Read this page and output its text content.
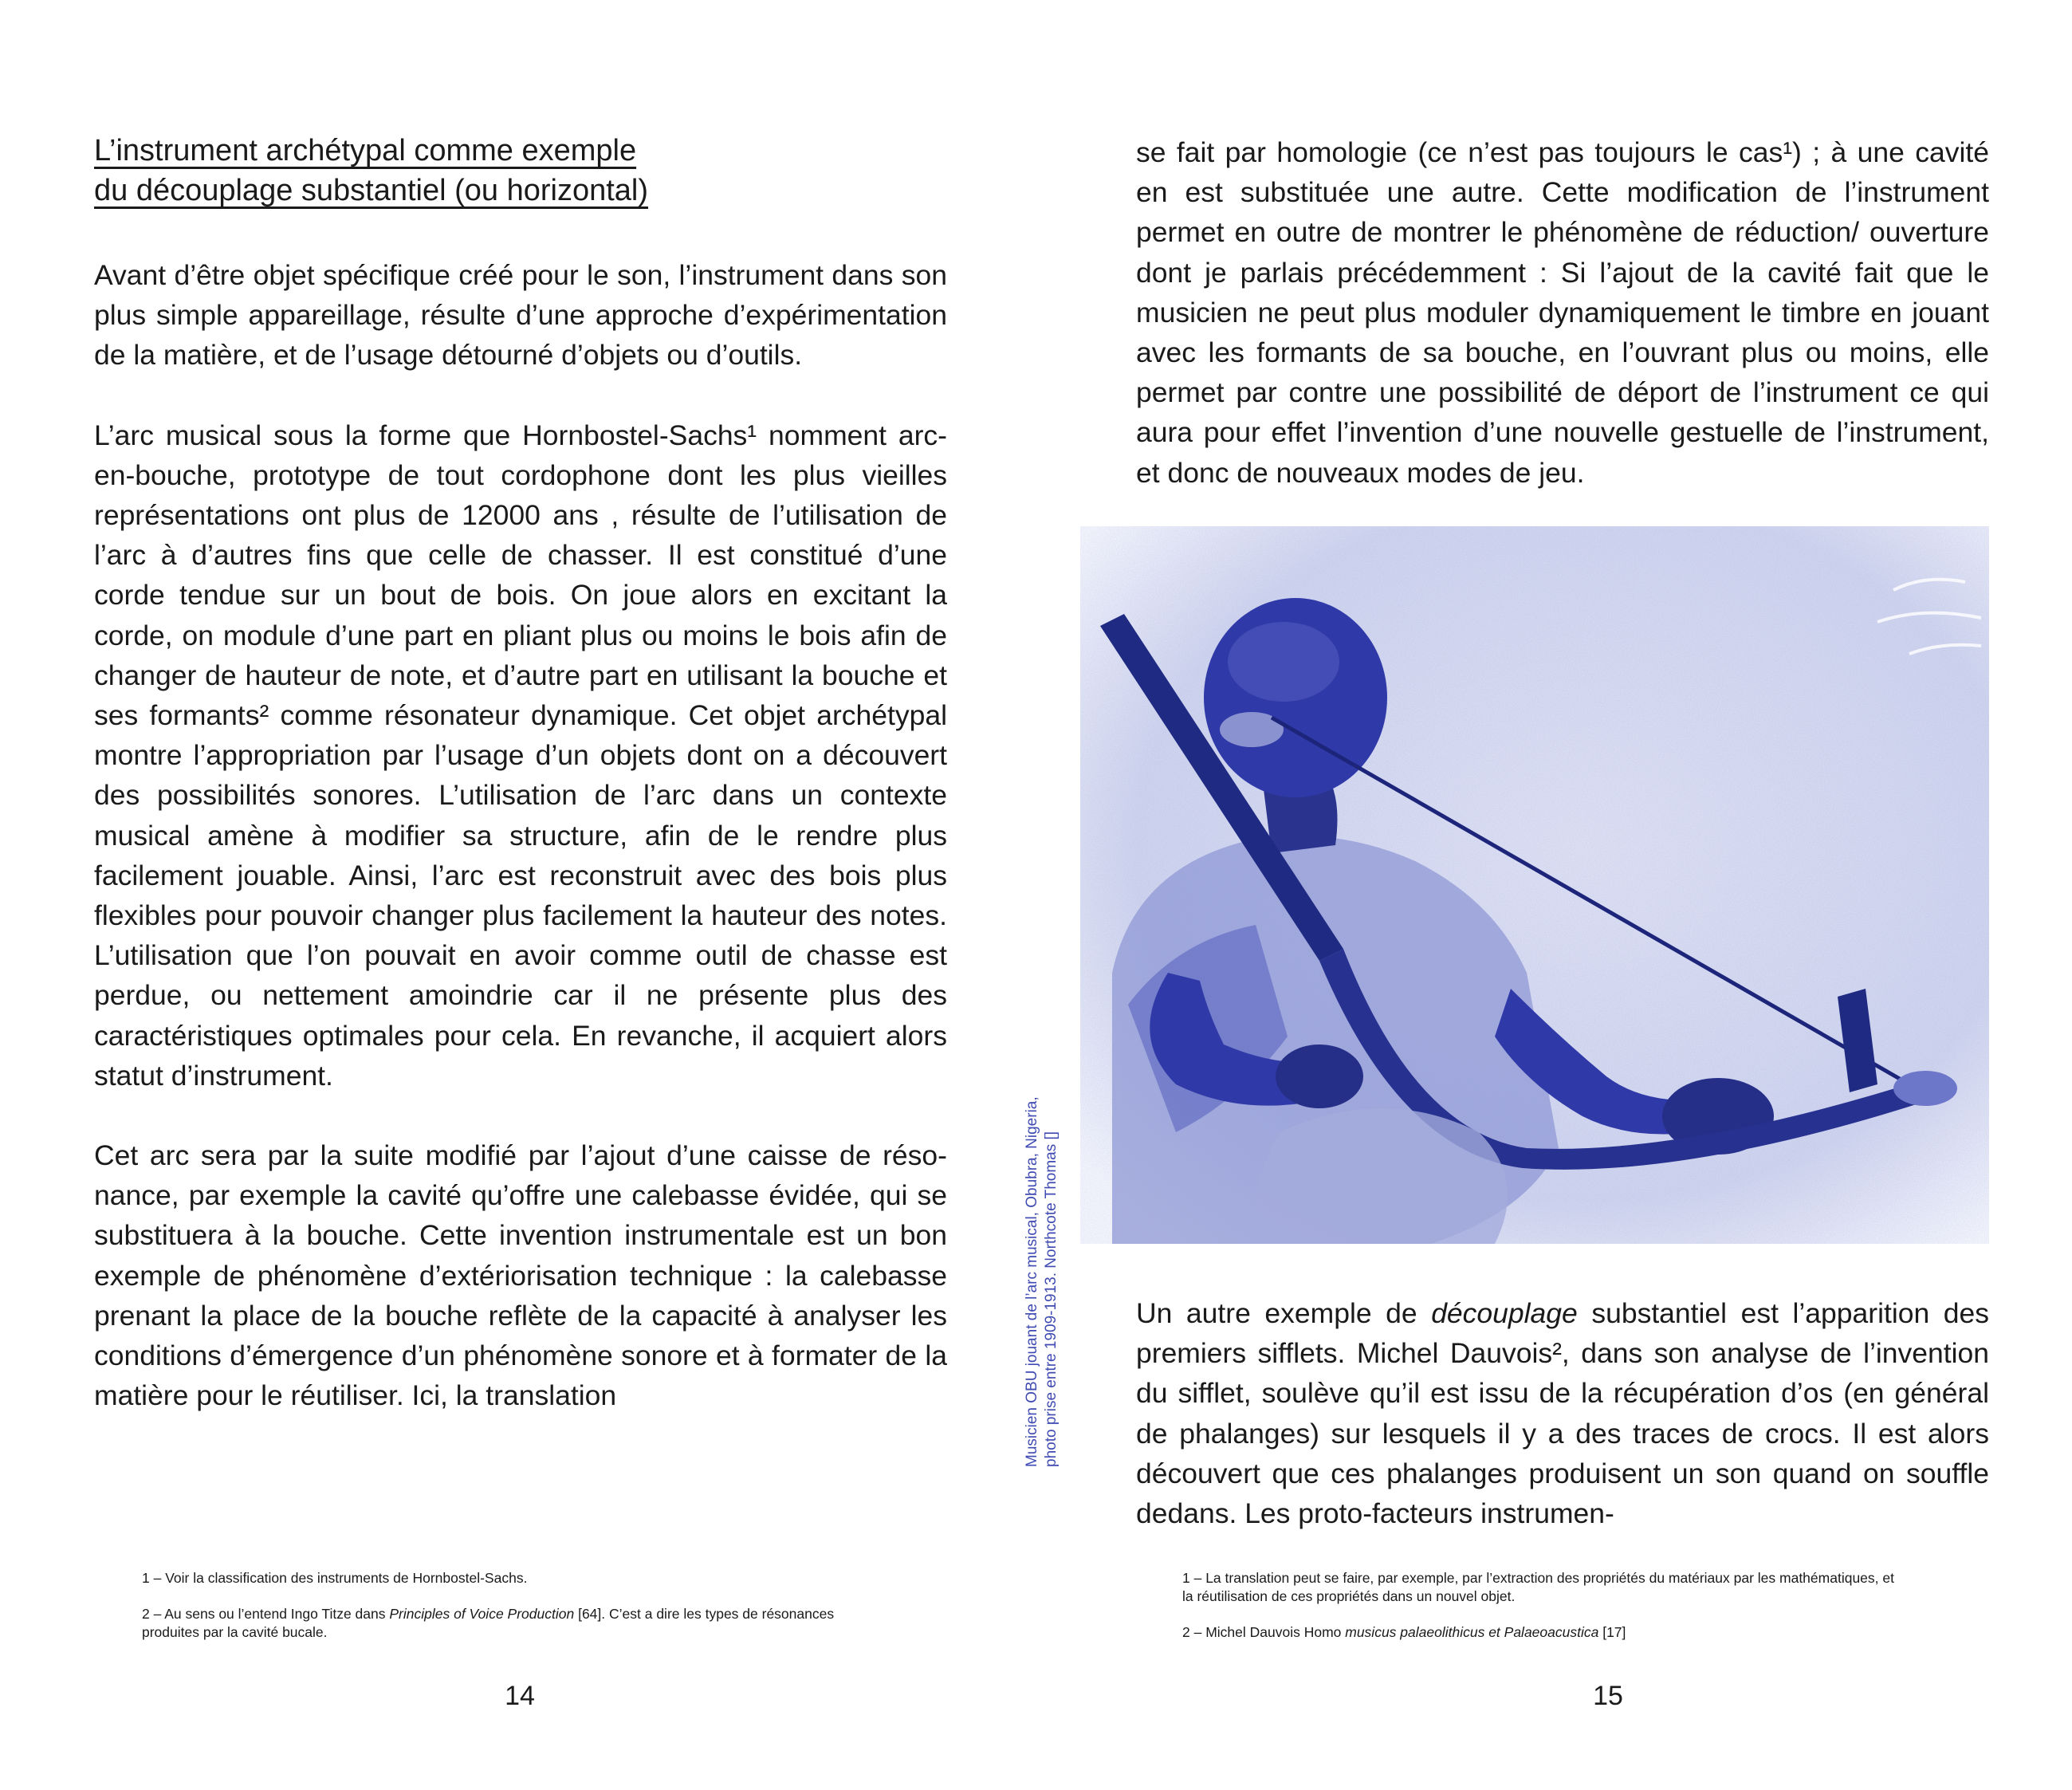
L’instrument archétypal comme exemple
du découplage substantiel (ou horizontal)

Avant d’être objet spécifique créé pour le son, l’instrument dans son plus simple appareillage, résulte d’une approche d’expérimentation de la matière, et de l’usage détourné d’objets ou d’outils.

L’arc musical sous la forme que Hornbostel-Sachs¹ nomment arc-en-bouche, prototype de tout cordophone dont les plus vieilles représentations ont plus de 12000 ans , résulte de l’utilisation de l’arc à d’autres fins que celle de chasser. Il est constitué d’une corde tendue sur un bout de bois. On joue alors en excitant la corde, on module d’une part en pliant plus ou moins le bois afin de changer de hauteur de note, et d’autre part en utilisant la bouche et ses formants² comme résonateur dynamique. Cet objet archétypal montre l’appropriation par l’usage d’un objets dont on a découvert des possibilités sonores. L’utilisation de l’arc dans un contexte musical amène à modifier sa structure, afin de le rendre plus facilement jouable. Ainsi, l’arc est reconstruit avec des bois plus flexibles pour pouvoir changer plus facilement la hauteur des notes. L’utilisation que l’on pouvait en avoir comme outil de chasse est perdue, ou nettement amoindrie car il ne présente plus des caractéristiques optimales pour cela. En revanche, il acquiert alors statut d’instrument.

Cet arc sera par la suite modifié par l’ajout d’une caisse de résonance, par exemple la cavité qu’offre une calebasse évidée, qui se substituera à la bouche. Cette invention instrumentale est un bon exemple de phénomène d’extériorisation technique : la calebasse prenant la place de la bouche reflète de la capacité à analyser les conditions d’émergence d’un phénomène sonore et à formater de la matière pour le réutiliser. Ici, la translation

1 – Voir la classification des instruments de Hornbostel-Sachs.

2 – Au sens ou l’entend Ingo Titze dans Principles of Voice Production [64]. C’est a dire les types de résonances produites par la cavité bucale.

14

Musicien OBU jouant de l’arc musical, Obubra, Nigeria, photo prise entre 1909-1913. Northcote Thomas []

se fait par homologie (ce n’est pas toujours le cas¹) ; à une cavité en est substituée une autre. Cette modification de l’instrument permet en outre de montrer le phénomène de réduction/ ouverture dont je parlais précédemment : Si l’ajout de la cavité fait que le musicien ne peut plus moduler dynamiquement le timbre en jouant avec les formants de sa bouche, en l’ouvrant plus ou moins, elle permet par contre une possibilité de déport de l’instrument ce qui aura pour effet l’invention d’une nouvelle gestuelle de l’instrument, et donc de nouveaux modes de jeu.

Un autre exemple de découplage substantiel est l’apparition des premiers sifflets. Michel Dauvois², dans son analyse de l’invention du sifflet, soulève qu’il est issu de la récupération d’os (en général de phalanges) sur lesquels il y a des traces de crocs. Il est alors découvert que ces phalanges produisent un son quand on souffle dedans. Les proto-facteurs instrumen-

1 – La translation peut se faire, par exemple, par l’extraction des propriétés du matériaux par les mathématiques, et la réutilisation de ces propriétés dans un nouvel objet.

2 – Michel Dauvois Homo musicus palaeolithicus et Palaeoacustica [17]

15
